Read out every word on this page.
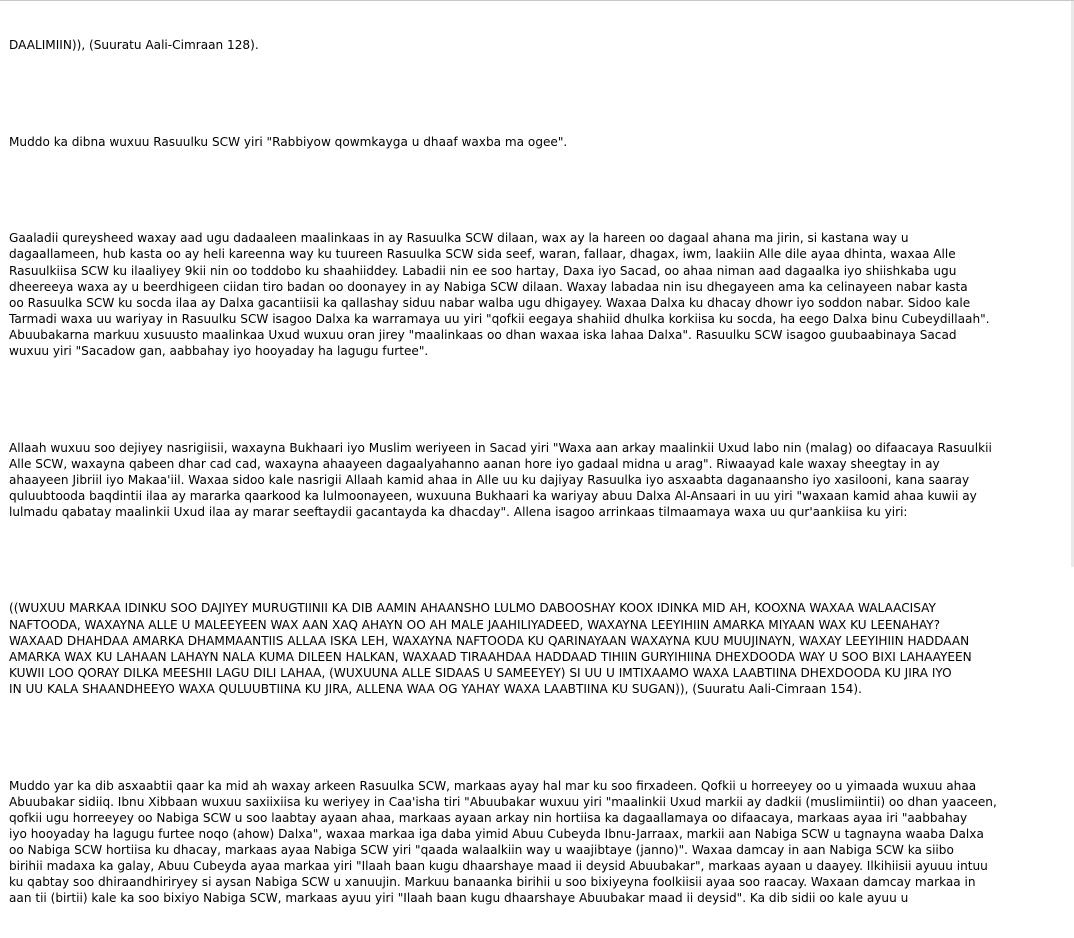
DAALIMIIN)), (Suuratu Aali-Cimraan 128).

Muddo ka dibna wuxuu Rasuulku SCW yiri "Rabbiyow qowmkayga u dhaaf waxba ma ogee".

Gaaladii qureysheed waxay aad ugu dadaaleen maalinkaas in ay Rasuulka SCW dilaan, wax ay la hareen oo dagaal ahana ma jirin, si kastana way u
dagaallameen, hub kasta oo ay heli kareenna way ku tuureen Rasuulka SCW sida seef, waran, fallaar, dhagax, iwm, laakiin Alle dile ayaa dhinta, waxaa Alle
Rasuulkiisa SCW ku ilaaliyey 9kii nin oo toddobo ku shaahiiddey. Labadii nin ee soo hartay, Daxa iyo Sacad, oo ahaa niman aad dagaalka iyo shiishkaba ugu
dheereeya waxa ay u beerdhigeen ciidan tiro badan oo doonayey in ay Nabiga SCW dilaan. Waxay labadaa nin isu dhegayeen ama ka celinayeen nabar kasta
oo Rasuulka SCW ku socda ilaa ay Dalxa gacantiisii ka qallashay siduu nabar walba ugu dhigayey. Waxaa Dalxa ku dhacay dhowr iyo soddon nabar. Sidoo kale
Tarmadi waxa uu wariyay in Rasuulku SCW isagoo Dalxa ka warramaya uu yiri "qofkii eegaya shahiid dhulka korkiisa ku socda, ha eego Dalxa binu Cubeydillaah".
Abuubakarna markuu xusuusto maalinkaa Uxud wuxuu oran jirey "maalinkaas oo dhan waxaa iska lahaa Dalxa". Rasuulku SCW isagoo guubaabinaya Sacad
wuxuu yiri "Sacadow gan, aabbahay iyo hooyaday ha lagugu furtee".

Allaah wuxuu soo dejiyey nasrigiisii, waxayna Bukhaari iyo Muslim weriyeen in Sacad yiri "Waxa aan arkay maalinkii Uxud labo nin (malag) oo difaacaya Rasuulkii
Alle SCW, waxayna qabeen dhar cad cad, waxayna ahaayeen dagaalyahanno aanan hore iyo gadaal midna u arag". Riwaayad kale waxay sheegtay in ay
ahaayeen Jibriil iyo Makaa'iil. Waxaa sidoo kale nasrigii Allaah kamid ahaa in Alle uu ku dajiyay Rasuulka iyo asxaabta daganaansho iyo xasilooni, kana saaray
quluubtooda baqdintii ilaa ay mararka qaarkood ka lulmoonayeen, wuxuuna Bukhaari ka wariyay abuu Dalxa Al-Ansaari in uu yiri "waxaan kamid ahaa kuwii ay
lulmadu qabatay maalinkii Uxud ilaa ay marar seeftaydii gacantayda ka dhacday". Allena isagoo arrinkaas tilmaamaya waxa uu qur'aankiisa ku yiri:

((WUXUU MARKAA IDINKU SOO DAJIYEY MURUGTIINII KA DIB AAMIN AHAANSHO LULMO DABOOSHAY KOOX IDINKA MID AH, KOOXNA WAXAA WALAACISAY
NAFTOODA, WAXAYNA ALLE U MALEEYEEN WAX AAN XAQ AHAYN OO AH MALE JAAHILIYADEED, WAXAYNA LEEYIHIIN AMARKA MIYAAN WAX KU LEENAHAY?
WAXAAD DHAHDAA AMARKA DHAMMAANTIIS ALLAA ISKA LEH, WAXAYNA NAFTOODA KU QARINAYAAN WAXAYNA KUU MUUJINAYN, WAXAY LEEYIHIIN HADDAAN
AMARKA WAX KU LAHAAN LAHAYN NALA KUMA DILEEN HALKAN, WAXAAD TIRAAHDAA HADDAAD TIHIIN GURYIHIINA DHEXDOODA WAY U SOO BIXI LAHAAYEEN
KUWII LOO QORAY DILKA MEESHII LAGU DILI LAHAA, (WUXUUNA ALLE SIDAAS U SAMEEYEY) SI UU U IMTIXAAMO WAXA LAABTIINA DHEXDOODA KU JIRA IYO
IN UU KALA SHAANDHEEYO WAXA QULUUBTIINA KU JIRA, ALLENA WAA OG YAHAY WAXA LAABTIINA KU SUGAN)), (Suuratu Aali-Cimraan 154).

Muddo yar ka dib asxaabtii qaar ka mid ah waxay arkeen Rasuulka SCW, markaas ayay hal mar ku soo firxadeen. Qofkii u horreeyey oo u yimaada wuxuu ahaa
Abuubakar sidiiq. Ibnu Xibbaan wuxuu saxiixiisa ku weriyey in Caa'isha tiri "Abuubakar wuxuu yiri "maalinkii Uxud markii ay dadkii (muslimiintii) oo dhan yaaceen,
qofkii ugu horreeyey oo Nabiga SCW u soo laabtay ayaan ahaa, markaas ayaan arkay nin hortiisa ka dagaallamaya oo difaacaya, markaas ayaa iri "aabbahay
iyo hooyaday ha lagugu furtee noqo (ahow) Dalxa", waxaa markaa iga daba yimid Abuu Cubeyda Ibnu-Jarraax, markii aan Nabiga SCW u tagnayna waaba Dalxa
oo Nabiga SCW hortiisa ku dhacay, markaas ayaa Nabiga SCW yiri "qaada walaalkiin way u waajibtaye (janno)". Waxaa damcay in aan Nabiga SCW ka siibo
birihii madaxa ka galay, Abuu Cubeyda ayaa markaa yiri "Ilaah baan kugu dhaarshaye maad ii deysid Abuubakar", markaas ayaan u daayey. Ilkihiisii ayuuu intuu
ku qabtay soo dhiraandhiriryey si aysan Nabiga SCW u xanuujin. Markuu banaanka birihii u soo bixiyeyna foolkiisii ayaa soo raacay. Waxaan damcay markaa in
aan tii (birtii) kale ka soo bixiyo Nabiga SCW, markaas ayuu yiri "Ilaah baan kugu dhaarshaye Abuubakar maad ii deysid". Ka dib sidii oo kale ayuu u
